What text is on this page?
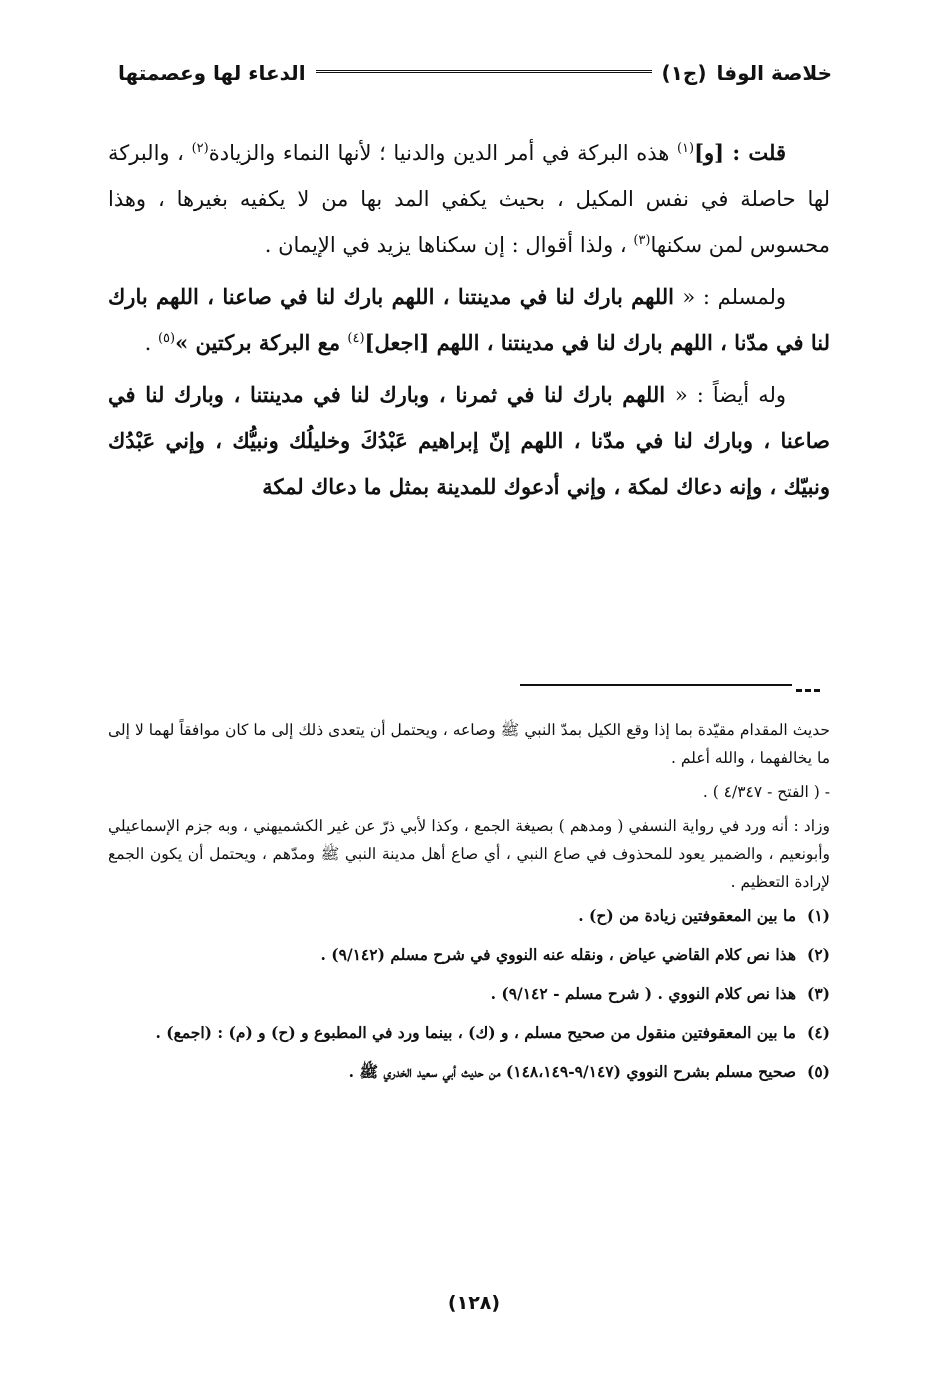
خلاصة الوفا
(ج١)
الدعاء لها وعصمتها

قلت : [و]$^{(١)}$ هذه البركة في أمر الدين والدنيا ؛ لأنها النماء والزيادة$^{(٢)}$ ، والبركة لها حاصلة في نفس المكيل ، بحيث يكفي المد بها من لا يكفيه بغيرها ، وهذا محسوس لمن سكنها$^{(٣)}$ ، ولذا أقوال : إن سكناها يزيد في الإيمان .

ولمسلم : « اللهم بارك لنا في مدينتنا ، اللهم بارك لنا في صاعنا ، اللهم بارك لنا في مدّنا ، اللهم بارك لنا في مدينتنا ، اللهم [اجعل]$^{(٤)}$ مع البركة بركتين »$^{(٥)}$ .

وله أيضاً : « اللهم بارك لنا في ثمرنا ، وبارك لنا في مدينتنا ، وبارك لنا في صاعنا ، وبارك لنا في مدّنا ، اللهم إنّ إبراهيم عَبْدُكَ وخليلُك ونبيُّك ، وإني عَبْدُك ونبيّك ، وإنه دعاك لمكة ، وإني أدعوك للمدينة بمثل ما دعاك لمكة

حديث المقدام مقيّدة بما إذا وقع الكيل بمدّ النبي ﷺ وصاعه ، ويحتمل أن يتعدى ذلك إلى ما كان موافقاً لهما لا إلى ما يخالفهما ، والله أعلم .

- ( الفتح - ٤/٣٤٧ ) .

وزاد : أنه ورد في رواية النسفي ( ومدهم ) بصيغة الجمع ، وكذا لأبي ذرّ عن غير الكشميهني ، وبه جزم الإسماعيلي وأبونعيم ، والضمير يعود للمحذوف في صاع النبي ، أي صاع أهل مدينة النبي ﷺ ومدّهم ، ويحتمل أن يكون الجمع لإرادة التعظيم .

(١)
ما بين المعقوفتين زيادة من (ح) .
(٢)
هذا نص كلام القاضي عياض ، ونقله عنه النووي في شرح مسلم (٩/١٤٢) .
(٣)
هذا نص كلام النووي . ( شرح مسلم - ٩/١٤٢) .
(٤)
ما بين المعقوفتين منقول من صحيح مسلم ، و (ك) ، بينما ورد في المطبوع و (ح) و (م) : (اجمع) .
(٥)
صحيح مسلم بشرح النووي (٩/١٤٧-١٤٨،١٤٩) من حديث أبي سعيد الخدري ﷺ .
(١٢٨)
